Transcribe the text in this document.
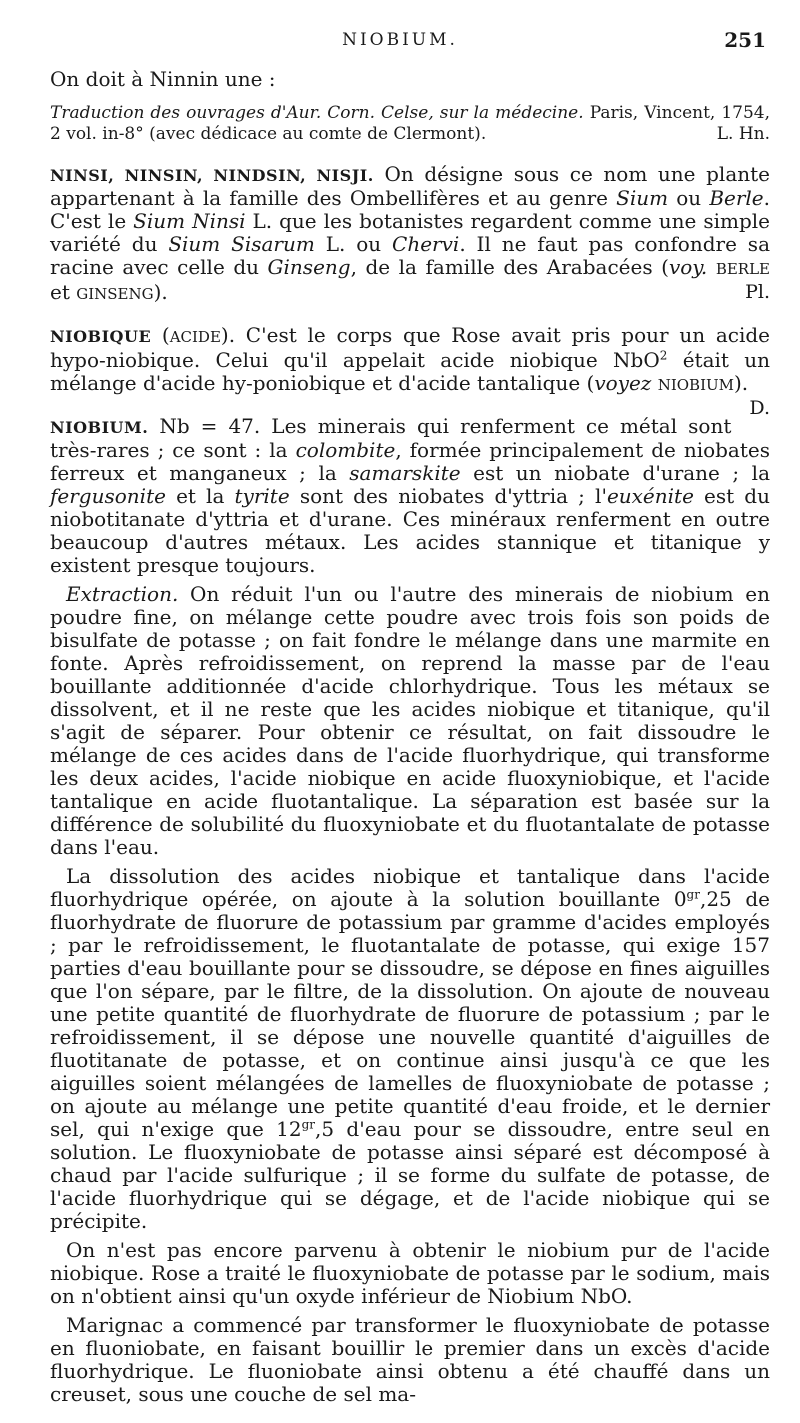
NIOBIUM.	251

On doit à Ninnin une :

Traduction des ouvrages d'Aur. Corn. Celse, sur la médecine. Paris, Vincent, 1754, 2 vol. in-8° (avec dédicace au comte de Clermont).	L. Hn.

NINSI, NINSIN, NINDSIN, NISJI. On désigne sous ce nom une plante appartenant à la famille des Ombellifères et au genre Sium ou Berle. C'est le Sium Ninsi L. que les botanistes regardent comme une simple variété du Sium Sisarum L. ou Chervi. Il ne faut pas confondre sa racine avec celle du Ginseng, de la famille des Arabacées (voy. BERLE et GINSENG).	Pl.

NIOBIQUE (ACIDE). C'est le corps que Rose avait pris pour un acide hypo-niobique. Celui qu'il appelait acide niobique NbO$^2$ était un mélange d'acide hy-poniobique et d'acide tantalique (voyez NIOBIUM).
D.

NIOBIUM. Nb = 47. Les minerais qui renferment ce métal sont très-rares ; ce sont : la colombite, formée principalement de niobates ferreux et manganeux ; la samarskite est un niobate d'urane ; la fergusonite et la tyrite sont des niobates d'yttria ; l'euxénite est du niobotitanate d'yttria et d'urane. Ces minéraux renferment en outre beaucoup d'autres métaux. Les acides stannique et titanique y existent presque toujours.

Extraction. On réduit l'un ou l'autre des minerais de niobium en poudre fine, on mélange cette poudre avec trois fois son poids de bisulfate de potasse ; on fait fondre le mélange dans une marmite en fonte. Après refroidissement, on reprend la masse par de l'eau bouillante additionnée d'acide chlorhydrique. Tous les métaux se dissolvent, et il ne reste que les acides niobique et titanique, qu'il s'agit de séparer. Pour obtenir ce résultat, on fait dissoudre le mélange de ces acides dans de l'acide fluorhydrique, qui transforme les deux acides, l'acide niobique en acide fluoxyniobique, et l'acide tantalique en acide fluotantalique. La séparation est basée sur la différence de solubilité du fluoxyniobate et du fluotantalate de potasse dans l'eau.

La dissolution des acides niobique et tantalique dans l'acide fluorhydrique opérée, on ajoute à la solution bouillante $0^{gr},25$ de fluorhydrate de fluorure de potassium par gramme d'acides employés ; par le refroidissement, le fluotantalate de potasse, qui exige 157 parties d'eau bouillante pour se dissoudre, se dépose en fines aiguilles que l'on sépare, par le filtre, de la dissolution. On ajoute de nouveau une petite quantité de fluorhydrate de fluorure de potassium ; par le refroidissement, il se dépose une nouvelle quantité d'aiguilles de fluotitanate de potasse, et on continue ainsi jusqu'à ce que les aiguilles soient mélangées de lamelles de fluoxyniobate de potasse ; on ajoute au mélange une petite quantité d'eau froide, et le dernier sel, qui n'exige que $12^{gr},5$ d'eau pour se dissoudre, entre seul en solution. Le fluoxyniobate de potasse ainsi séparé est décomposé à chaud par l'acide sulfurique ; il se forme du sulfate de potasse, de l'acide fluorhydrique qui se dégage, et de l'acide niobique qui se précipite.

On n'est pas encore parvenu à obtenir le niobium pur de l'acide niobique. Rose a traité le fluoxyniobate de potasse par le sodium, mais on n'obtient ainsi qu'un oxyde inférieur de Niobium NbO.

Marignac a commencé par transformer le fluoxyniobate de potasse en fluoniobate, en faisant bouillir le premier dans un excès d'acide fluorhydrique. Le fluoniobate ainsi obtenu a été chauffé dans un creuset, sous une couche de sel ma-
